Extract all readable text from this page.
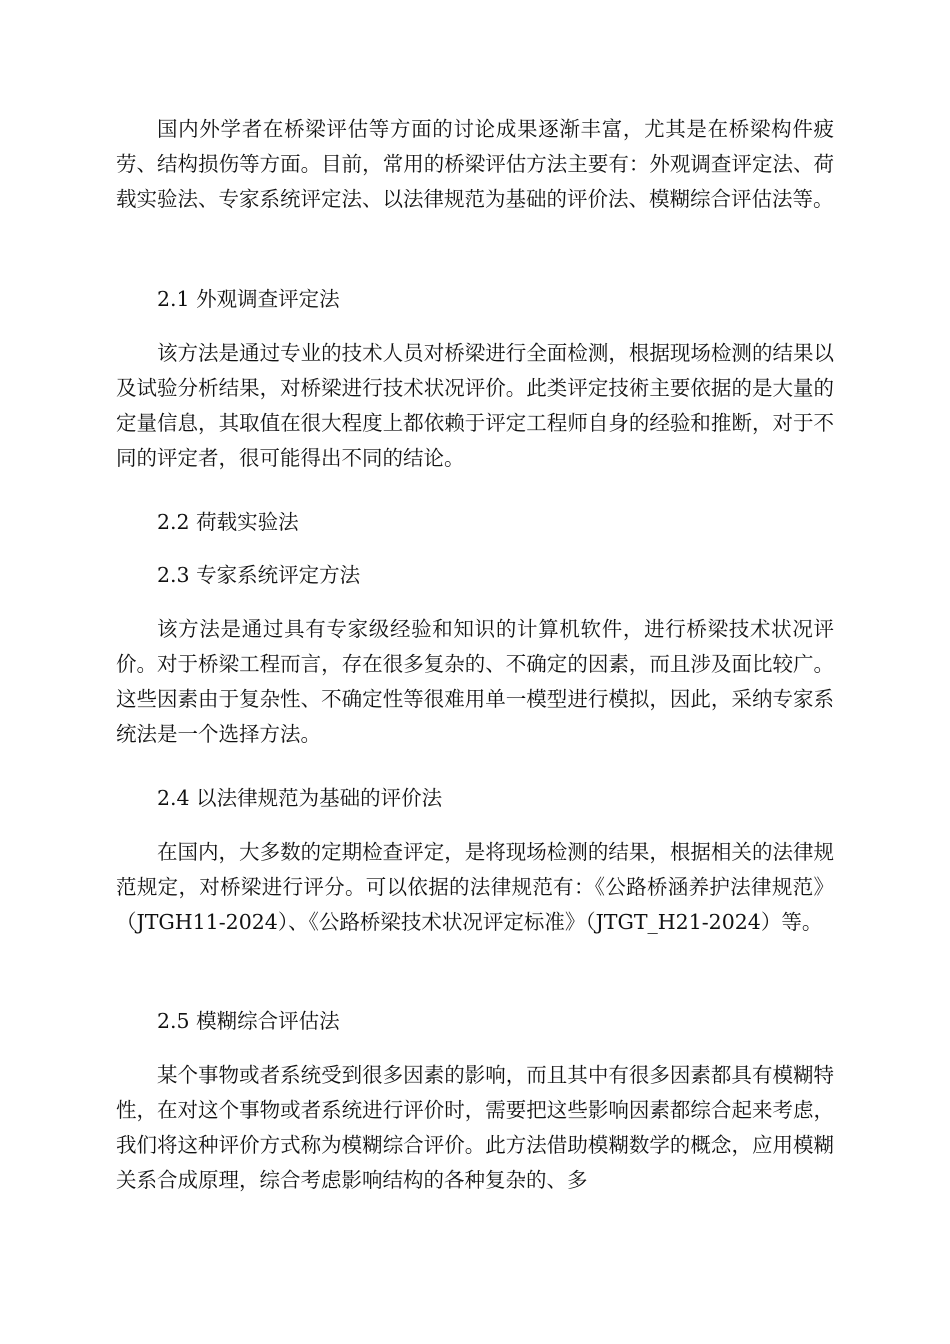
国内外学者在桥梁评估等方面的讨论成果逐渐丰富，尤其是在桥梁构件疲劳、结构损伤等方面。目前，常用的桥梁评估方法主要有：外观调查评定法、荷载实验法、专家系统评定法、以法律规范为基础的评价法、模糊综合评估法等。

2.1 外观调查评定法

该方法是通过专业的技术人员对桥梁进行全面检测，根据现场检测的结果以及试验分析结果，对桥梁进行技术状况评价。此类评定技術主要依据的是大量的定量信息，其取值在很大程度上都依赖于评定工程师自身的经验和推断，对于不同的评定者，很可能得出不同的结论。

2.2 荷载实验法
2.3 专家系统评定方法

该方法是通过具有专家级经验和知识的计算机软件，进行桥梁技术状况评价。对于桥梁工程而言，存在很多复杂的、不确定的因素，而且涉及面比较广。这些因素由于复杂性、不确定性等很难用单一模型进行模拟，因此，采纳专家系统法是一个选择方法。

2.4 以法律规范为基础的评价法

在国内，大多数的定期检查评定，是将现场检测的结果，根据相关的法律规范规定，对桥梁进行评分。可以依据的法律规范有：《公路桥涵养护法律规范》（JTGH11-2024）、《公路桥梁技术状况评定标准》（JTGT_H21-2024）等。

2.5 模糊综合评估法

某个事物或者系统受到很多因素的影响，而且其中有很多因素都具有模糊特性，在对这个事物或者系统进行评价时，需要把这些影响因素都综合起来考虑，我们将这种评价方式称为模糊综合评价。此方法借助模糊数学的概念，应用模糊关系合成原理，综合考虑影响结构的各种复杂的、多
